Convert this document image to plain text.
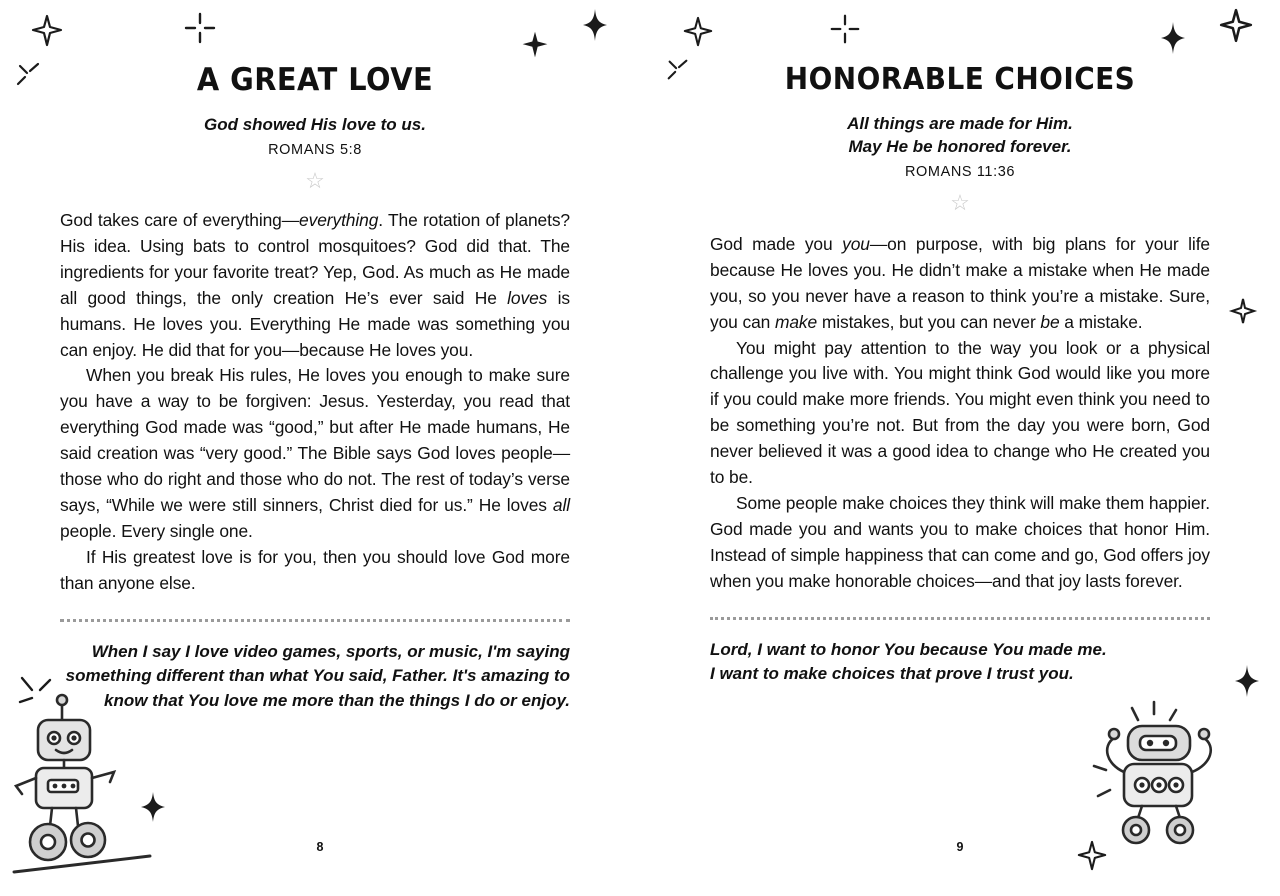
A GREAT LOVE

God showed His love to us.

ROMANS 5:8

☆

God takes care of everything—everything. The rotation of planets? His idea. Using bats to control mosquitoes? God did that. The ingredients for your favorite treat? Yep, God. As much as He made all good things, the only creation He’s ever said He loves is humans. He loves you. Everything He made was something you can enjoy. He did that for you—because He loves you.

When you break His rules, He loves you enough to make sure you have a way to be forgiven: Jesus. Yesterday, you read that everything God made was “good,” but after He made humans, He said creation was “very good.” The Bible says God loves people—those who do right and those who do not. The rest of today’s verse says, “While we were still sinners, Christ died for us.” He loves all people. Every single one.

If His greatest love is for you, then you should love God more than anyone else.

When I say I love video games, sports, or music, I'm saying something different than what You said, Father. It's amazing to know that You love me more than the things I do or enjoy.

8
HONORABLE CHOICES

All things are made for Him.
May He be honored forever.

ROMANS 11:36

☆

God made you you—on purpose, with big plans for your life because He loves you. He didn’t make a mistake when He made you, so you never have a reason to think you’re a mistake. Sure, you can make mistakes, but you can never be a mistake.

You might pay attention to the way you look or a physical challenge you live with. You might think God would like you more if you could make more friends. You might even think you need to be something you’re not. But from the day you were born, God never believed it was a good idea to change who He created you to be.

Some people make choices they think will make them happier. God made you and wants you to make choices that honor Him. Instead of simple happiness that can come and go, God offers joy when you make honorable choices—and that joy lasts forever.

Lord, I want to honor You because You made me.
I want to make choices that prove I trust you.

9
